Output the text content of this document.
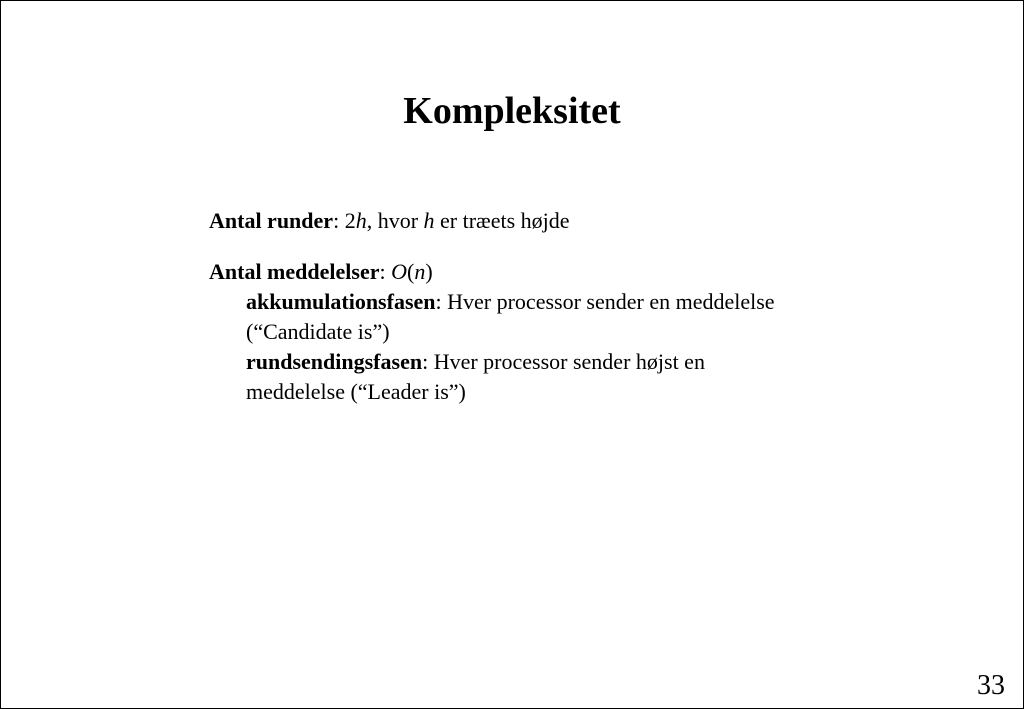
Kompleksitet

Antal runder: 2h, hvor h er træets højde

Antal meddelelser: O(n)
akkumulationsfasen: Hver processor sender en meddelelse
(“Candidate is”)
rundsendingsfasen: Hver processor sender højst en
meddelelse (“Leader is”)
33
